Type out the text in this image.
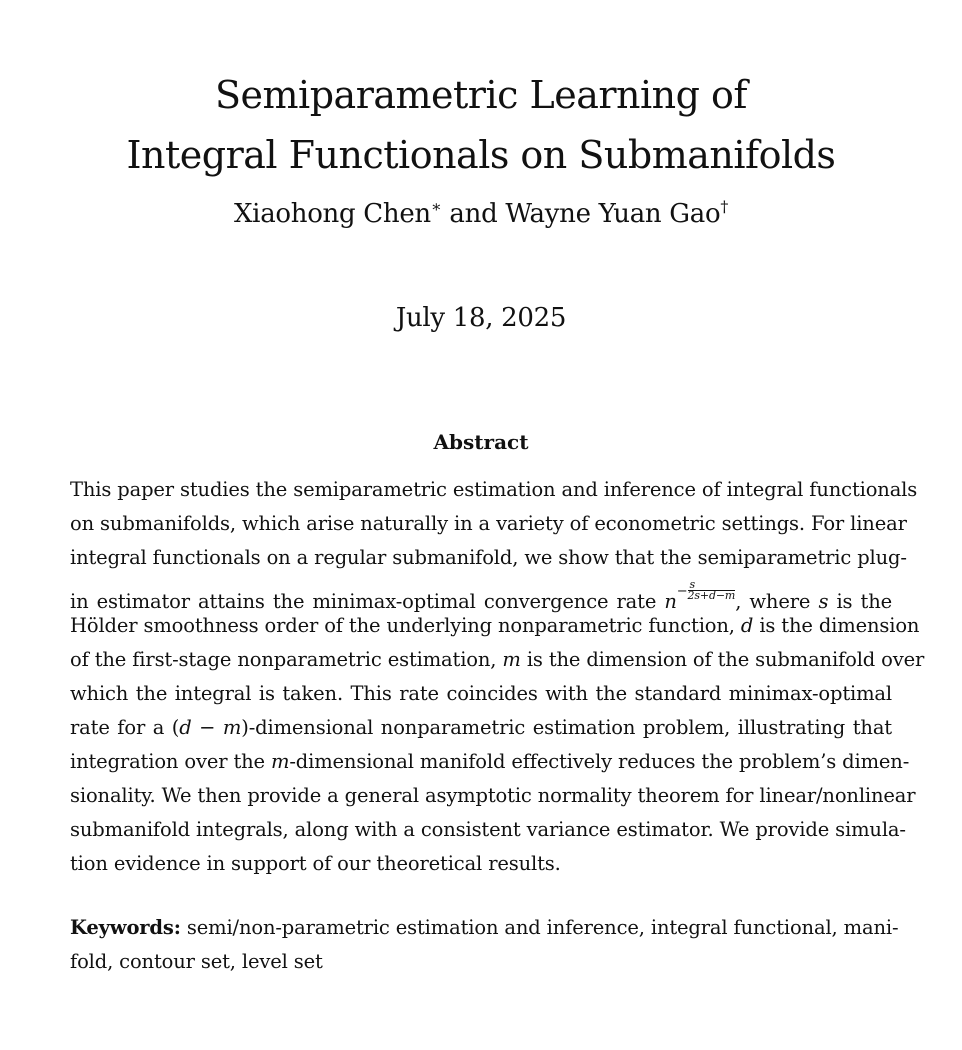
Semiparametric Learning of
Integral Functionals on Submanifolds
Xiaohong Chen∗ and Wayne Yuan Gao†
July 18, 2025
Abstract
This paper studies the semiparametric estimation and inference of integral functionals
on submanifolds, which arise naturally in a variety of econometric settings. For linear
integral functionals on a regular submanifold, we show that the semiparametric plug-
in estimator attains the minimax-optimal convergence rate $n^- \frac{s}{2s+d-m}$ , where s is the
Hölder smoothness order of the underlying nonparametric function, d is the dimension
of the first-stage nonparametric estimation, m is the dimension of the submanifold over
which the integral is taken. This rate coincides with the standard minimax-optimal
rate for a (d − m)-dimensional nonparametric estimation problem, illustrating that
integration over the m-dimensional manifold effectively reduces the problem’s dimen-
sionality. We then provide a general asymptotic normality theorem for linear/nonlinear
submanifold integrals, along with a consistent variance estimator. We provide simula-
tion evidence in support of our theoretical results.
Keywords: semi/non-parametric estimation and inference, integral functional, mani-
fold, contour set, level set
